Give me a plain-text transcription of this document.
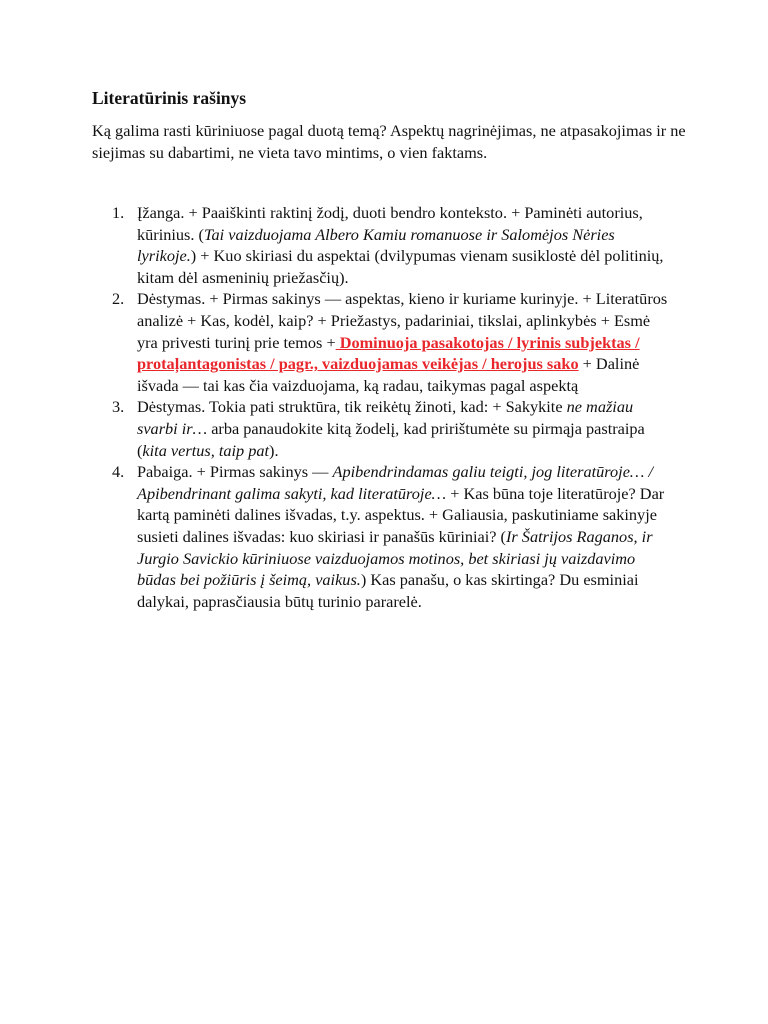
Literatūrinis rašinys

Ką galima rasti kūriniuose pagal duotą temą? Aspektų nagrinėjimas, ne atpasakojimas ir ne siejimas su dabartimi, ne vieta tavo mintims, o vien faktams.

1. Įžanga. + Paaiškinti raktinį žodį, duoti bendro konteksto. + Paminėti autorius, kūrinius. (Tai vaizduojama Albero Kamiu romanuose ir Salomėjos Nėries lyrikoje.) + Kuo skiriasi du aspektai (dvilypumas vienam susiklostė dėl politinių, kitam dėl asmeninių priežasčių).
2. Dėstymas. + Pirmas sakinys — aspektas, kieno ir kuriame kurinyje. + Literatūros analizė + Kas, kodėl, kaip? + Priežastys, padariniai, tikslai, aplinkybės + Esmė yra privesti turinį prie temos + Dominuoja pasakotojas / lyrinis subjektas / protaļantagonistas / pagr., vaizduojamas veikėjas / herojus sako + Dalinė išvada — tai kas čia vaizduojama, ką radau, taikymas pagal aspektą
3. Dėstymas. Tokia pati struktūra, tik reikėtų žinoti, kad: + Sakykite ne mažiau svarbi ir… arba panaudokite kitą žodelį, kad pririštumėte su pirmąja pastraipa (kita vertus, taip pat).
4. Pabaiga. + Pirmas sakinys — Apibendrindamas galiu teigti, jog literatūroje… / Apibendrinant galima sakyti, kad literatūroje… + Kas būna toje literatūroje? Dar kartą paminėti dalines išvadas, t.y. aspektus. + Galiausia, paskutiniame sakinyje susieti dalines išvadas: kuo skiriasi ir panašūs kūriniai? (Ir Šatrijos Raganos, ir Jurgio Savickio kūriniuose vaizduojamos motinos, bet skiriasi jų vaizdavimo būdas bei požiūris į šeimą, vaikus.) Kas panašu, o kas skirtinga? Du esminiai dalykai, paprasčiausia būtų turinio pararelė.
